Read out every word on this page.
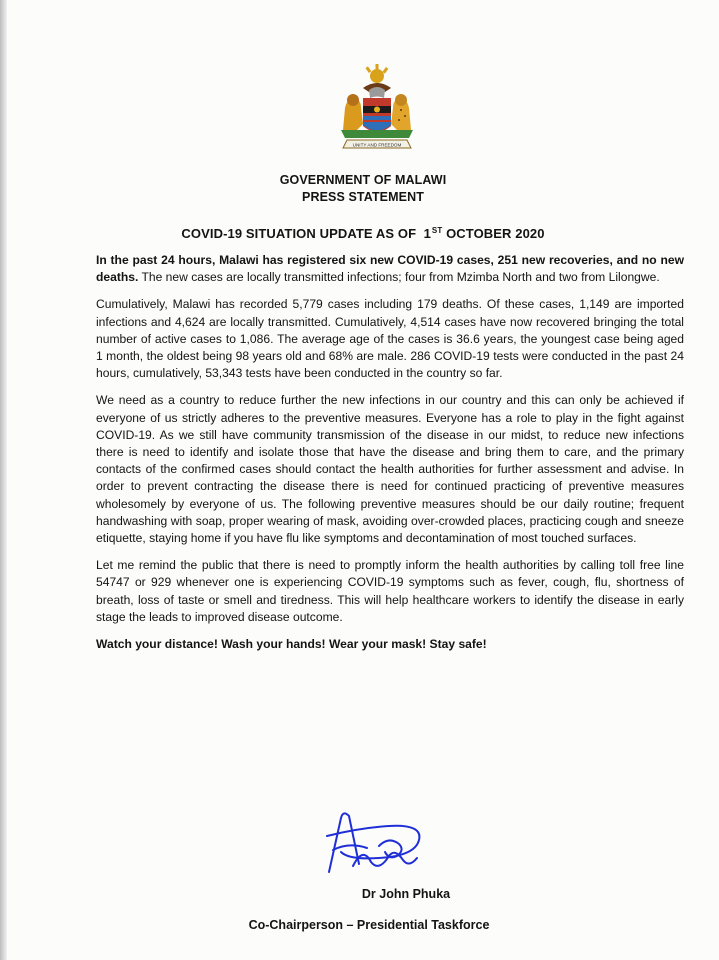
UNITY AND FREEDOM
GOVERNMENT OF MALAWI
PRESS STATEMENT
COVID-19 SITUATION UPDATE AS OF 1ST OCTOBER 2020

In the past 24 hours, Malawi has registered six new COVID-19 cases, 251 new recoveries, and no new deaths. The new cases are locally transmitted infections; four from Mzimba North and two from Lilongwe.

Cumulatively, Malawi has recorded 5,779 cases including 179 deaths. Of these cases, 1,149 are imported infections and 4,624 are locally transmitted. Cumulatively, 4,514 cases have now recovered bringing the total number of active cases to 1,086. The average age of the cases is 36.6 years, the youngest case being aged 1 month, the oldest being 98 years old and 68% are male. 286 COVID-19 tests were conducted in the past 24 hours, cumulatively, 53,343 tests have been conducted in the country so far.

We need as a country to reduce further the new infections in our country and this can only be achieved if everyone of us strictly adheres to the preventive measures. Everyone has a role to play in the fight against COVID-19. As we still have community transmission of the disease in our midst, to reduce new infections there is need to identify and isolate those that have the disease and bring them to care, and the primary contacts of the confirmed cases should contact the health authorities for further assessment and advise. In order to prevent contracting the disease there is need for continued practicing of preventive measures wholesomely by everyone of us. The following preventive measures should be our daily routine; frequent handwashing with soap, proper wearing of mask, avoiding over-crowded places, practicing cough and sneeze etiquette, staying home if you have flu like symptoms and decontamination of most touched surfaces.

Let me remind the public that there is need to promptly inform the health authorities by calling toll free line 54747 or 929 whenever one is experiencing COVID-19 symptoms such as fever, cough, flu, shortness of breath, loss of taste or smell and tiredness. This will help healthcare workers to identify the disease in early stage the leads to improved disease outcome.

Watch your distance! Wash your hands! Wear your mask! Stay safe!

Dr John Phuka
Co-Chairperson – Presidential Taskforce
